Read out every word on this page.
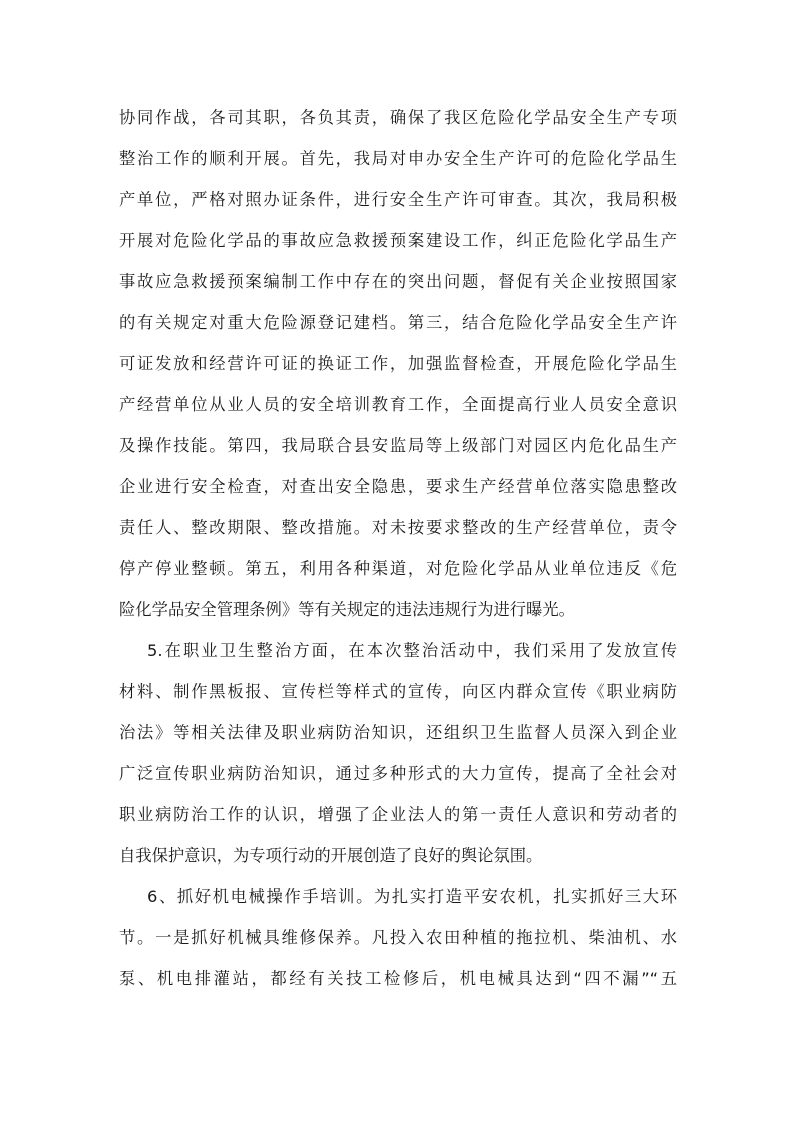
协同作战，各司其职，各负其责，确保了我区危险化学品安全生产专项
整治工作的顺利开展。首先，我局对申办安全生产许可的危险化学品生
产单位，严格对照办证条件，进行安全生产许可审查。其次，我局积极
开展对危险化学品的事故应急救援预案建设工作，纠正危险化学品生产
事故应急救援预案编制工作中存在的突出问题，督促有关企业按照国家
的有关规定对重大危险源登记建档。第三，结合危险化学品安全生产许
可证发放和经营许可证的换证工作，加强监督检查，开展危险化学品生
产经营单位从业人员的安全培训教育工作，全面提高行业人员安全意识
及操作技能。第四，我局联合县安监局等上级部门对园区内危化品生产
企业进行安全检查，对查出安全隐患，要求生产经营单位落实隐患整改
责任人、整改期限、整改措施。对未按要求整改的生产经营单位，责令
停产停业整顿。第五，利用各种渠道，对危险化学品从业单位违反《危
险化学品安全管理条例》等有关规定的违法违规行为进行曝光。
5.在职业卫生整治方面，在本次整治活动中，我们采用了发放宣传
材料、制作黑板报、宣传栏等样式的宣传，向区内群众宣传《职业病防
治法》等相关法律及职业病防治知识，还组织卫生监督人员深入到企业
广泛宣传职业病防治知识，通过多种形式的大力宣传，提高了全社会对
职业病防治工作的认识，增强了企业法人的第一责任人意识和劳动者的
自我保护意识，为专项行动的开展创造了良好的舆论氛围。
6、抓好机电械操作手培训。为扎实打造平安农机，扎实抓好三大环
节。一是抓好机械具维修保养。凡投入农田种植的拖拉机、柴油机、水
泵、机电排灌站，都经有关技工检修后，机电械具达到“四不漏”“五
